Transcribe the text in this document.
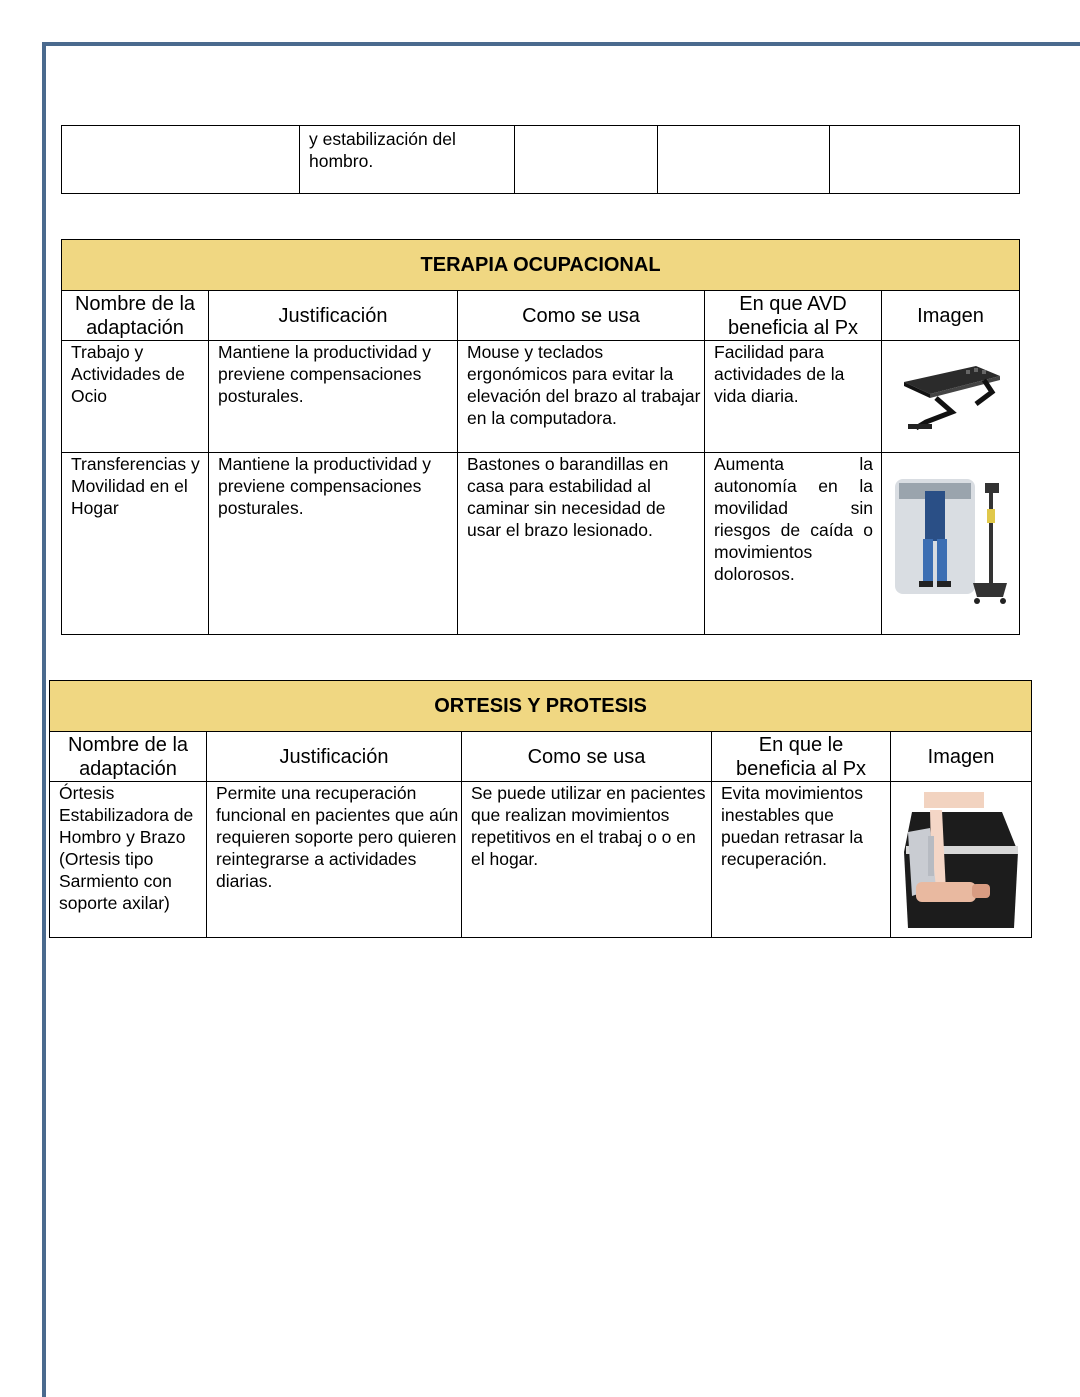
	y estabilización del hombro.			
TERAPIA OCUPACIONAL				
Nombre de la adaptación	Justificación	Como se usa	En que AVD beneficia al Px	Imagen
Trabajo y Actividades de Ocio	Mantiene la productividad y previene compensaciones posturales.	Mouse y teclados ergonómicos para evitar la elevación del brazo al trabajar en la computadora.	Facilidad para actividades de la vida diaria.	

Transferencias y Movilidad en el Hogar	Mantiene la productividad y previene compensaciones posturales.	Bastones o barandillas en casa para estabilidad al caminar sin necesidad de usar el brazo lesionado.	Aumenta la autonomía en la movilidad sin riesgos de caída o movimientos dolorosos.	
ORTESIS Y PROTESIS				
Nombre de la adaptación	Justificación	Como se usa	En que le beneficia al Px	Imagen
Órtesis Estabilizadora de Hombro y Brazo (Ortesis tipo Sarmiento con soporte axilar)	Permite una recuperación funcional en pacientes que aún requieren soporte pero quieren reintegrarse a actividades diarias.	Se puede utilizar en pacientes que realizan movimientos repetitivos en el trabaj o o en el hogar.	Evita movimientos inestables que puedan retrasar la recuperación.	
